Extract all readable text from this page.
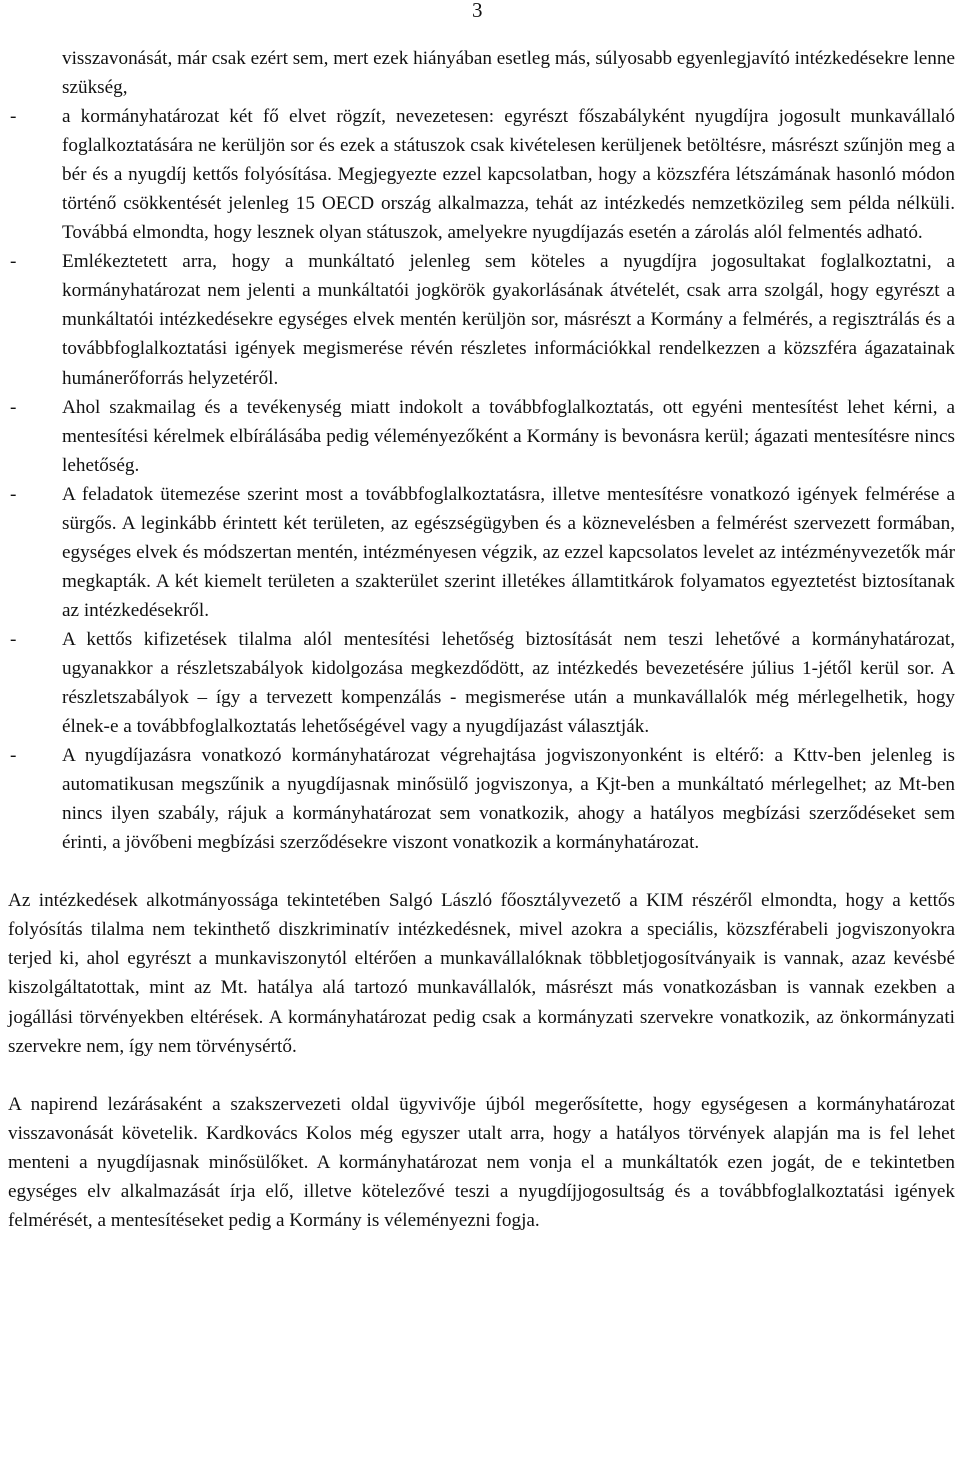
3
visszavonását, már csak ezért sem, mert ezek hiányában esetleg más, súlyosabb egyenlegjavító intézkedésekre lenne szükség,
- a kormányhatározat két fő elvet rögzít, nevezetesen: egyrészt főszabályként nyugdíjra jogosult munkavállaló foglalkoztatására ne kerüljön sor és ezek a státuszok csak kivételesen kerüljenek betöltésre, másrészt szűnjön meg a bér és a nyugdíj kettős folyósítása. Megjegyezte ezzel kapcsolatban, hogy a közszféra létszámának hasonló módon történő csökkentését jelenleg 15 OECD ország alkalmazza, tehát az intézkedés nemzetközileg sem példa nélküli. Továbbá elmondta, hogy lesznek olyan státuszok, amelyekre nyugdíjazás esetén a zárolás alól felmentés adható.
- Emlékeztetett arra, hogy a munkáltató jelenleg sem köteles a nyugdíjra jogosultakat foglalkoztatni, a kormányhatározat nem jelenti a munkáltatói jogkörök gyakorlásának átvételét, csak arra szolgál, hogy egyrészt a munkáltatói intézkedésekre egységes elvek mentén kerüljön sor, másrészt a Kormány a felmérés, a regisztrálás és a továbbfoglalkoztatási igények megismerése révén részletes információkkal rendelkezzen a közszféra ágazatainak humánerőforrás helyzetéről.
- Ahol szakmailag és a tevékenység miatt indokolt a továbbfoglalkoztatás, ott egyéni mentesítést lehet kérni, a mentesítési kérelmek elbírálásába pedig véleményezőként a Kormány is bevonásra kerül; ágazati mentesítésre nincs lehetőség.
- A feladatok ütemezése szerint most a továbbfoglalkoztatásra, illetve mentesítésre vonatkozó igények felmérése a sürgős. A leginkább érintett két területen, az egészségügyben és a köznevelésben a felmérést szervezett formában, egységes elvek és módszertan mentén, intézményesen végzik, az ezzel kapcsolatos levelet az intézményvezetők már megkapták. A két kiemelt területen a szakterület szerint illetékes államtitkárok folyamatos egyeztetést biztosítanak az intézkedésekről.
- A kettős kifizetések tilalma alól mentesítési lehetőség biztosítását nem teszi lehetővé a kormányhatározat, ugyanakkor a részletszabályok kidolgozása megkezdődött, az intézkedés bevezetésére július 1-jétől kerül sor. A részletszabályok – így a tervezett kompenzálás - megismerése után a munkavállalók még mérlegelhetik, hogy élnek-e a továbbfoglalkoztatás lehetőségével vagy a nyugdíjazást választják.
- A nyugdíjazásra vonatkozó kormányhatározat végrehajtása jogviszonyonként is eltérő: a Kttv-ben jelenleg is automatikusan megszűnik a nyugdíjasnak minősülő jogviszonya, a Kjt-ben a munkáltató mérlegelhet; az Mt-ben nincs ilyen szabály, rájuk a kormányhatározat sem vonatkozik, ahogy a hatályos megbízási szerződéseket sem érinti, a jövőbeni megbízási szerződésekre viszont vonatkozik a kormányhatározat.

Az intézkedések alkotmányossága tekintetében Salgó László főosztályvezető a KIM részéről elmondta, hogy a kettős folyósítás tilalma nem tekinthető diszkriminatív intézkedésnek, mivel azokra a speciális, közszférabeli jogviszonyokra terjed ki, ahol egyrészt a munkaviszonytól eltérően a munkavállalóknak többletjogosítványaik is vannak, azaz kevésbé kiszolgáltatottak, mint az Mt. hatálya alá tartozó munkavállalók, másrészt más vonatkozásban is vannak ezekben a jogállási törvényekben eltérések. A kormányhatározat pedig csak a kormányzati szervekre vonatkozik, az önkormányzati szervekre nem, így nem törvénysértő.

A napirend lezárásaként a szakszervezeti oldal ügyvivője újból megerősítette, hogy egységesen a kormányhatározat visszavonását követelik. Kardkovács Kolos még egyszer utalt arra, hogy a hatályos törvények alapján ma is fel lehet menteni a nyugdíjasnak minősülőket. A kormányhatározat nem vonja el a munkáltatók ezen jogát, de e tekintetben egységes elv alkalmazását írja elő, illetve kötelezővé teszi a nyugdíjjogosultság és a továbbfoglalkoztatási igények felmérését, a mentesítéseket pedig a Kormány is véleményezni fogja.
